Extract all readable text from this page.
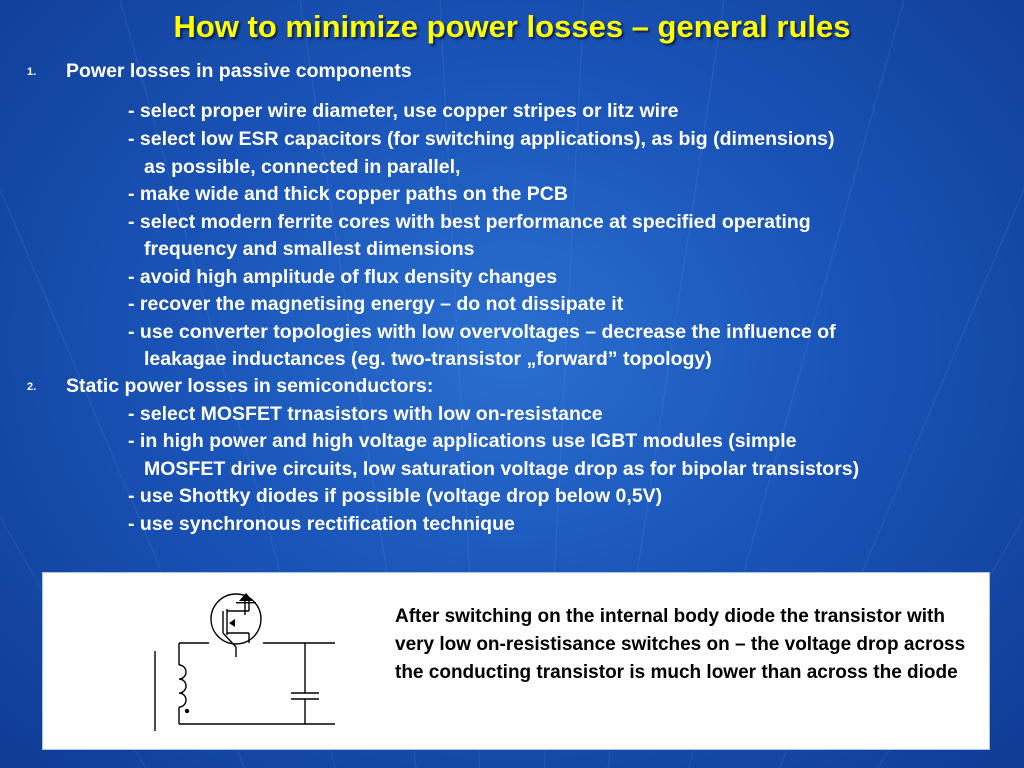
How to minimize power losses – general rules
1. Power losses in passive components
- select proper wire diameter, use copper stripes or litz wire
- select low ESR capacitors (for switching applications), as big (dimensions)
as possible, connected in parallel,
- make wide and thick copper paths on the PCB
- select modern ferrite cores with best performance at specified operating
frequency and smallest dimensions
- avoid high amplitude of flux density changes
- recover the magnetising energy – do not dissipate it
- use converter topologies with low overvoltages – decrease the influence of
leakagae inductances (eg. two-transistor „forward” topology)
2. Static power losses in semiconductors:
- select MOSFET trnasistors with low on-resistance
- in high power and high voltage applications use IGBT modules (simple
MOSFET drive circuits, low saturation voltage drop as for bipolar transistors)
- use Shottky diodes if possible (voltage drop below 0,5V)
- use synchronous rectification technique
After switching on the internal body diode the transistor with very low on-resistisance switches on – the voltage drop across the conducting transistor is much lower than across the diode
